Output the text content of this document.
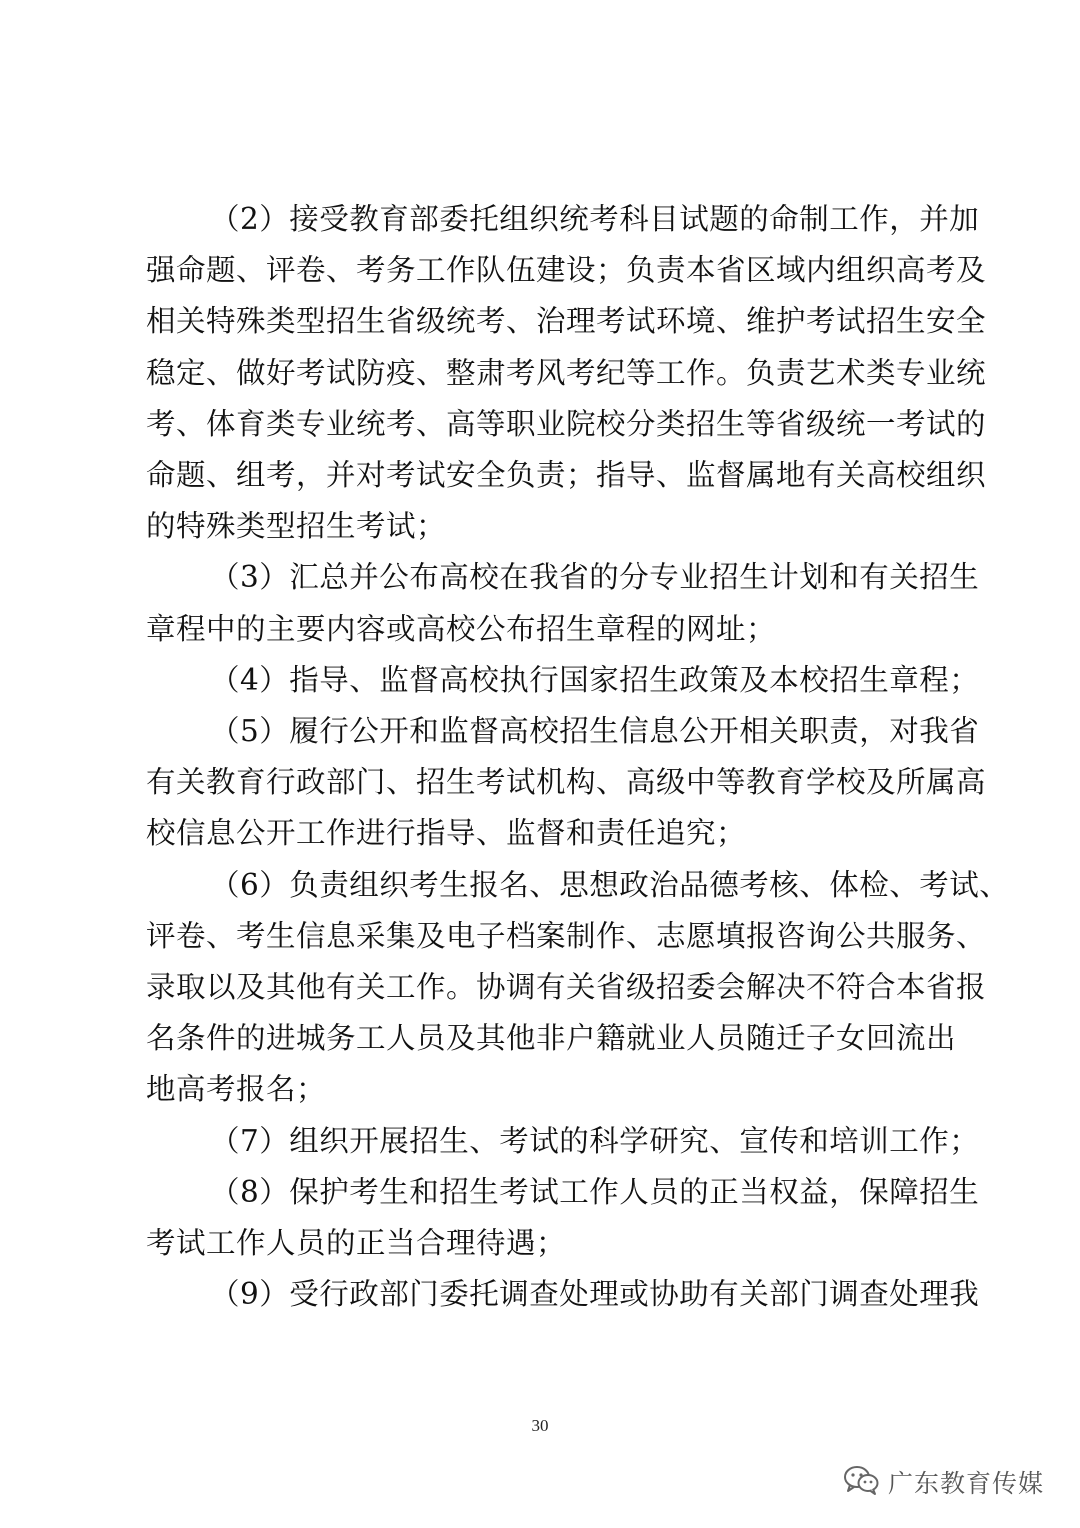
（2）接受教育部委托组织统考科目试题的命制工作，并加
强命题、评卷、考务工作队伍建设；负责本省区域内组织高考及
相关特殊类型招生省级统考、治理考试环境、维护考试招生安全
稳定、做好考试防疫、整肃考风考纪等工作。负责艺术类专业统
考、体育类专业统考、高等职业院校分类招生等省级统一考试的
命题、组考，并对考试安全负责；指导、监督属地有关高校组织
的特殊类型招生考试；
（3）汇总并公布高校在我省的分专业招生计划和有关招生
章程中的主要内容或高校公布招生章程的网址；
（4）指导、监督高校执行国家招生政策及本校招生章程；
（5）履行公开和监督高校招生信息公开相关职责，对我省
有关教育行政部门、招生考试机构、高级中等教育学校及所属高
校信息公开工作进行指导、监督和责任追究；
（6）负责组织考生报名、思想政治品德考核、体检、考试、
评卷、考生信息采集及电子档案制作、志愿填报咨询公共服务、
录取以及其他有关工作。协调有关省级招委会解决不符合本省报
名条件的进城务工人员及其他非户籍就业人员随迁子女回流出
地高考报名；
（7）组织开展招生、考试的科学研究、宣传和培训工作；
（8）保护考生和招生考试工作人员的正当权益，保障招生
考试工作人员的正当合理待遇；
（9）受行政部门委托调查处理或协助有关部门调查处理我
30
广东教育传媒
